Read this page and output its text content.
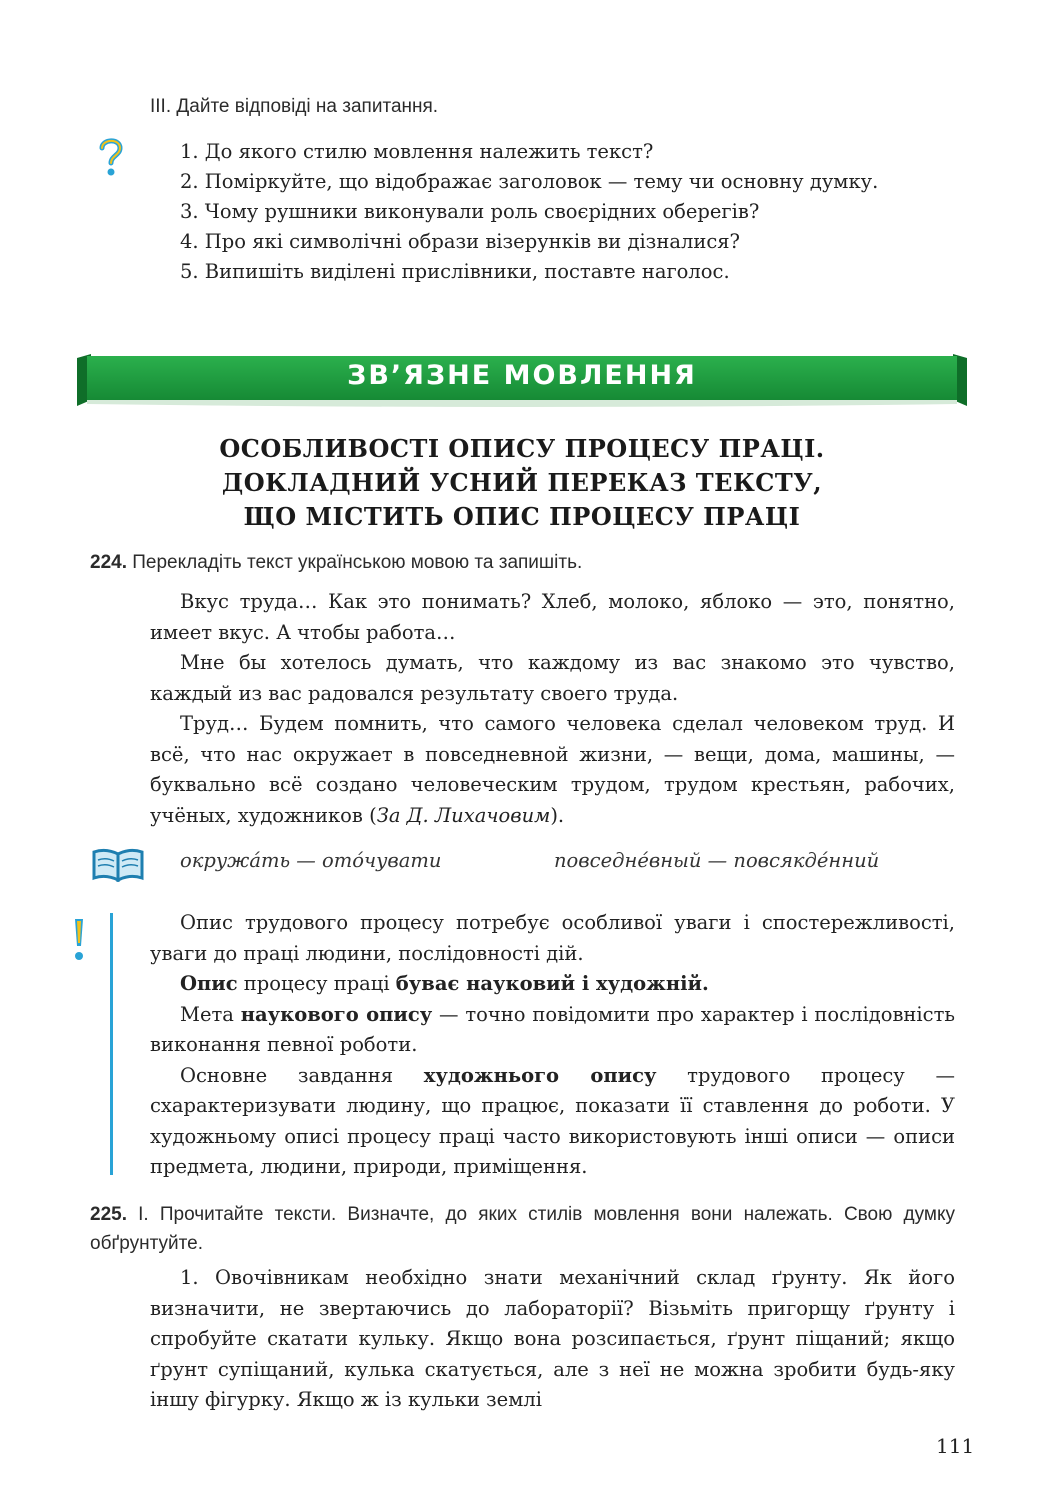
ІІІ. Дайте відповіді на запитання.

1. До якого стилю мовлення належить текст?

2. Поміркуйте, що відображає заголовок — тему чи основну думку.

3. Чому рушники виконували роль своєрідних оберегів?

4. Про які символічні образи візерунків ви дізналися?

5. Випишіть виділені прислівники, поставте наголос.

ЗВ’ЯЗНЕ МОВЛЕННЯ
ОСОБЛИВОСТІ ОПИСУ ПРОЦЕСУ ПРАЦІ.
ДОКЛАДНИЙ УСНИЙ ПЕРЕКАЗ ТЕКСТУ,
ЩО МІСТИТЬ ОПИС ПРОЦЕСУ ПРАЦІ
224. Перекладіть текст українською мовою та запишіть.

Вкус труда… Как это понимать? Хлеб, молоко, яблоко — это, понятно, имеет вкус. А чтобы работа…

Мне бы хотелось думать, что каждому из вас знакомо это чувство, каждый из вас радовался результату своего труда.

Труд… Будем помнить, что самого человека сделал человеком труд. И всё, что нас окружает в повседневной жизни, — вещи, дома, машины, — буквально всё создано человеческим трудом, трудом крестьян, рабочих, учёных, художников (За Д. Лихачовим).

окружа́ть — ото́чувати	повседне́вный — повсякде́нний

Опис трудового процесу потребує особливої уваги і спостережливості, уваги до праці людини, послідовності дій.

Опис процесу праці буває науковий і художній.

Мета наукового опису — точно повідомити про характер і послідовність виконання певної роботи.

Основне завдання художнього опису трудового процесу — схарактеризувати людину, що працює, показати її ставлення до роботи. У художньому описі процесу праці часто використовують інші описи — описи предмета, людини, природи, приміщення.

225. І. Прочитайте тексти. Визначте, до яких стилів мовлення вони належать. Свою думку обґрунтуйте.

1. Овочівникам необхідно знати механічний склад ґрунту. Як його визначити, не звертаючись до лабораторії? Візьміть пригорщу ґрунту і спробуйте скатати кульку. Якщо вона розсипається, ґрунт піщаний; якщо ґрунт супіщаний, кулька скатується, але з неї не можна зробити будь-яку іншу фігурку. Якщо ж із кульки землі

111
